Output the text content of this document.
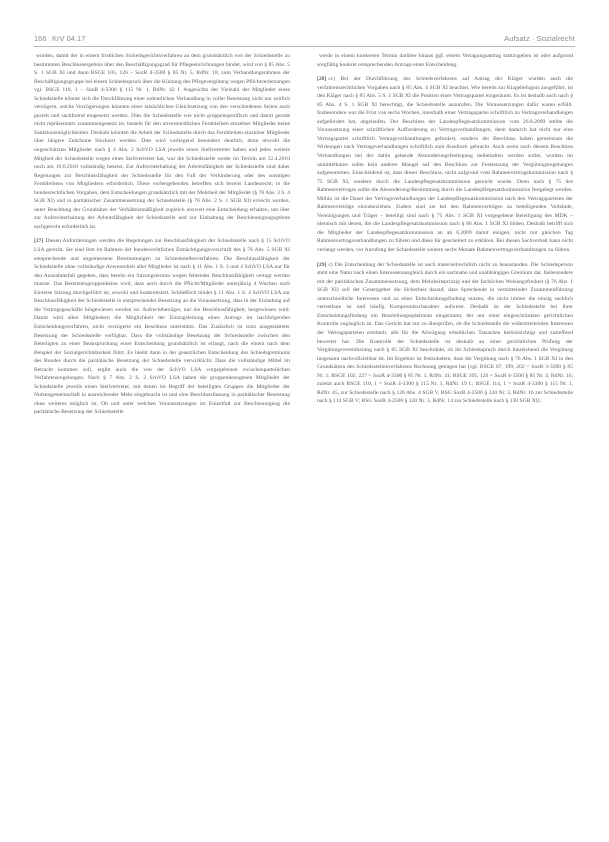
166 KrV 04.17	Aufsatz · Sozialrecht

worden, damit der in einem fristlichen Schiedsgerichtsverfahren an dem grundsätzlich von der Schiedsstelle zu bestimmten Beschlussergebnis über den Beschäftigungsgrad für Pflegeeinrichtungen bindet, wird von § 85 Abs. 5 S. 1 SGB XI und dann BSGE 105, 126 – SozR 4-3500 § 85 Nr. 5, RdNr. 18, zum Verhandlungsrahmen der Beschäftigungsgruppe bei einem Schiedsspruch über die Kürzung des Pflegevergütung wegen Pflichtverletzungen vgl. BSGE 110, 1 – SozR 4-3300 § 115 Nr. 1, RdNr. 42 f. Angesichts der Vielzahl der Mitglieder eines Schiedsstelle könnte sich die Durchführung einer ordentlichen Verhandlung in voller Besetzung nicht nur zeitlich verzögern, solche Verzögerungen könnten einer tatsächlichen Gleichsetzung von den verschiedenen Seiten auch gezielt und sachfremd eingesetzt werden. Dies die Schiedsstelle wie nicht gruppenspezifisch und damit gerade nicht repräsentativ zusammengesetzt ist, besteht für den unvermeidlichen Fernbleiben einzelner Mitglieder keine Sanktionsmöglichkeiten. Deshalb könnten die Arbeit der Schiedsstelle durch das Fernbleiben einzelner Mitglieder über längere Zeiträume blockiert werden. Dies wird vorliegend besonders deutlich, denn obwohl die ungeschützten Mitglieder nach § 4 Abs. 2 SchVO LSA jeweils einen Stellvertreter haben und jedes weitere Mitglied der Schiedsstelle wegen eines Stellvertreter hat, war die Schiedsstelle weder im Termin am 12.4.2010 noch am 10.6.2010 vollständig besetzt. Zur Aufrechterhaltung der Arbeitsfähigkeit der Schiedsstelle sind daher Regelungen zur Beschlussfähigkeit der Schiedsstelle für den Fall der Verhinderung oder des sonstigen Fernbleibens von Mitgliedern erforderlich. Diese vorhergehenden betreffen sich bereits Landesrecht, in die bundesrechtlichen Vorgaben, dem Entscheidungen grundsätzlich mit der Mehrheit der Mitglieder (§ 76 Abs. 3 S. 4 SGB XI) und in paritätischer Zusammensetzung der Schiedsstelle (§ 76 Abs. 2 S. 1 SGB XI) erreicht werden, unter Beachtung der Grundsätze der Verhältnismäßigkeit zugleich unzweit eine Entscheidung erhalten, um über zur Aufrechterhaltung der Arbeitsfähigkeit der Schiedsstelle und zur Einhaltung der Beschleunigungsgebote sachgerecht erforderlich ist.

[27] Diesen Anforderungen werden die Regelungen zur Beschlussfähigkeit der Schiedsstelle nach § 15 SchVO LSA gerecht. Sie sind ihm im Rahmen der bundesrechtlichen Ermächtigungsvorschrift des § 76 Abs. 5 SGB XI entsprechende und angemessene Bestimmungen zu Schiedsstellenverfahren. Die Beschlussfähigkeit der Schiedsstelle ohne vollständige Anwesenheit aller Mitglieder ist nach § 11 Abs. 1 S. 3 und 4 SchVO LSA nur für den Ausnahmefall gegeben, dass bereits ein Sitzungstermin wegen fehlender Beschlussfähigkeit vertagt werden musste. Das Bereitzersgruppenkeine wird, dass auch durch die Pflicht/Mitglieder unterjährig 4 Wochen nach Einreise Sitzung durchgeführt ist, sowohl und konkretisiert. Schließlich bindet § 11 Abs. 1 S. 4 SchVO LSA zur Beschlussfähigkeit der Schiedsstelle in entsprechender Besetzung an die Voraussetzung, dass in der Einladung auf die Vertragsgeschäfte hingewiesen werden ist. Aufrechtbeträger, nur die Beschlussfähigkeit, hergewiesen wird. Damit wird allen Mitgliedern die Möglichkeit der Einzugsleitung eines Antrags im nachfolgenden Entscheidungsverfahren, nicht verzögerte ein Beschluss unterstützt. Das Zusätzlich ist trotz ausgestatteter Besetzung der Schiedsstelle verfügbar. Dass die vollständige Besetzung der Schiedsstelle zwischen den Beteiligten zu einer Beanspruchung einer Entscheidung grundsätzlich ist erlangt, nach die einem nach dem Beispiel der Sozialgerichtsbarkeit führt. Es bleibt dann in der gesetzlichen Entscheidung des Schiedsgremiums des Bundes durch die paritätische Besetzung der Schiedsstelle verwirklicht. Dass die vollständige Mittel im Betracht kommen soll, ergibt auch die von der SchVO LSA vorgegebenen zwischenparteilichen Verfahrensregelungen. Nach § 7 Abs. 2 S. 2 SchVO LSA haben die gruppenbezogenen Mitglieder der Schiedsstelle jeweils einen Stellvertreter, mit denen im Begriff der beteiligten Gruppen die Mitglieder der Nutzengemeinschaft in ausreichender Mehr eingebracht ist und eine Beschlussfassung in paritätischer Besetzung ohne weiteres möglich ist. Ob und unter welchen Voraussetzungen im Einzelfall zur Beschleunigung die paritätische Besetzung der Schiedsstelle

werde in einem konkreten Termin darüber hinaus ggf. einem Vertagungsantrag stattzugeben ist oder aufgrund sorgfältig konkret entsprechenden Antrags einer Entscheidung.

[28] cc) Bei der Durchführung des Schiedsverfahrens auf Antrag der Kläger wurden auch die verfahrensrechtlichen Vorgaben nach § 85 Abs. 4 SGB XI beachtet. Wie bereits zur Klagebefugnis ausgeführt, ist den Kläger nach § 85 Abs. 5 S. 1 SGB XI die Position einer Vertragspartei eingeräumt. Es ist deshalb auch nach § 85 Abs. 4 S. 1 SGB XI berechtigt, die Schiedsstelle anzurufen. Die Voraussetzungen dafür waren erfüllt. Insbesondere war die Frist von sechs Wochen, innerhalb einer Vertragspartei schriftlich zu Vertragsverhandlungen aufgefordert hat, abgelaufen. Der Beschluss der Landespflegesatzkommission vom 26.8.2009 stellte die Voraussetzung einer schriftlichen Aufforderung zu Vertragsverhandlungen, denn dadurch hat nicht nur eine Vertragspartei schriftlich Vertragsverhandlungen gefordert, sondern der Beschluss haben gemeinsam die Wirkungen nach Vertragsverhandlungen schriftlich zum Ausdruck gebracht. Auch wenn nach diesem Beschluss Verhandlungen bei der dahin gehende Absonderungsfestlegung beibehalten werden sollte, wurden im unmittelbaren sollte kein anderer Mangel auf den Beschluss zur Festsetzung der Vergütungsregelungen aufgenommen. Entscheidend ist, dass dieser Beschluss, nicht aufgrund vom Rahmenvertragskommission nach § 75 SGB XI, sondern durch die Landespflegesatzkommission gereicht wurde. Denn nach § 75 des Rahmenvertrages sollte die Absonderung/Bestimmung durch die Landespflegesatzkommission festgelegt werden. Mithin ist die Dauer der Vertragsverhandlungen der Landespflegesatzkommission nach den Vertragsparteien der Rahmenverträge einzubeziehen. Zudem sind sie bei den Rahmenverträgen zu beteiligenden Verbände, Vereinigungen und Träger – beteiligt sind nach § 75 Abs. 1 SGB XI vorgegebene Beteiligung des MDK – identisch mit denen, die die Landespflegesatzkommission nach § 86 Abs. 1 SGB XI bilden. Deshalb betrifft sich die Mitglieder der Landespflegesatzkommission an ab 6.2009 damit einigen, nicht mit gleichen Tag Rahmenvertragsverhandlungen zu führen und diese für gescheitert zu erklären. Bei diesen Sachverhalt kann nicht verlangt werden, vor Anrufung der Schiedsstelle weitere sechs Monate Rahmenvertragsverhandlungen zu führen.

[29] c) Die Entscheidung der Schiedsstelle ist auch materiellrechtlich nicht zu beanstanden. Die Schiedsperson steht eine Natur nach einen Interessenausgleich durch ein sachnahe und unabhängiges Gremium dar. Insbesondere mit der paritätischen Zusammensetzung, dem Mehrheitsprinzip und der fachlichen Weisungsfreiheit (§ 76 Abs. 1 SGB XI) soll der Gesetzgeber die Sicherheit darauf, dass Sprechende in vermittelnder Zusammenführung unterschiedliche Interessen und zu einer Entscheidungsfindung nutzen, die nicht immer die einzig sachlich vertretbare ist und häufig Kompromisscharakter aufweist. Deshalb ist der Schiedsstelle bei ihrer Entscheidungsfindung ein Beurteilungsspielraum eingeräumt, der nur einer eingeschränkten gerichtlichen Kontrolle zugänglich ist. Das Gericht hat nur zu überprüfen, ob die Schiedsstelle die widerstreitenden Interessen der Vertragsparteien ermittelt, alle für die Abwägung erheblichen Tatsachen berücksichtigt und zutreffend bewertet hat. Die Kontrolle der Schiedsstelle ist deshalb an einer gerichtlichen Prüfung der Vergütungsvereinbarung nach § 85 SGB XI beschränkt, ob ihr Schiedsspruch durch hinreichend die Vergütung insgesamt nachvollziehbar ist. Im Ergebnis ist festzuhalten, dass die Vergütung nach § 76 Abs. 1 SGB XI in den Grundsätzen des Schiedsstellenverfahrens Rechnung getragen hat (vgl. BSGE 87, 199, 202 = SozR 3-3300 § 85 Nr. 1; BSGE 102, 227 = SozR 4-3300 § 85 Nr. 1, RdNr. 41; BSGE 105, 126 = SozR 4-3500 § 85 Nr. 4, RdNr. 16; zuletzt auch BSGE 110, 1 = SozR 4-3300 § 115 Nr. 1, RdNr. 19 f.; BSGE 114, 1 = SozR 4-3300 § 115 Nr. 1, RdNr. 45, zur Schiedsstelle nach § 120 Abs. 4 SGB V, BSG SozR 4-2500 § 120 Nr. 3, RdNr. 16 zur Schiedsstelle nach § 114 SGB V; BSG SozR 4-2500 § 120 Nr. 3, RdNr. 14 zur Schiedsstelle nach § 130 SGB XI).
